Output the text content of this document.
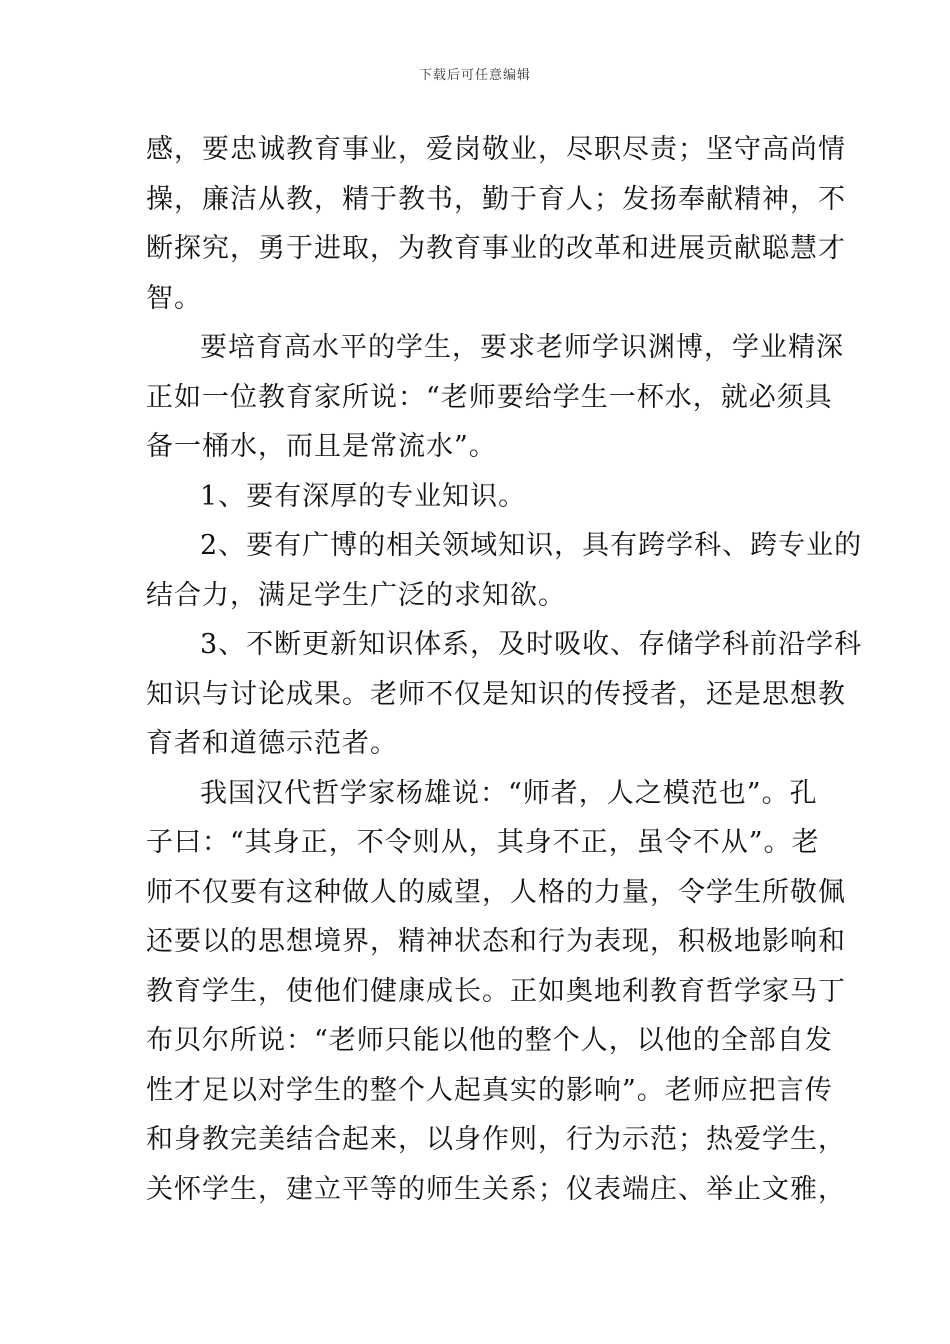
下载后可任意编辑
感，要忠诚教育事业，爱岗敬业，尽职尽责；坚守高尚情
操，廉洁从教，精于教书，勤于育人；发扬奉献精神，不
断探究，勇于进取，为教育事业的改革和进展贡献聪慧才
智。
要培育高水平的学生，要求老师学识渊博，学业精深
正如一位教育家所说：“老师要给学生一杯水，就必须具
备一桶水，而且是常流水”。
1、要有深厚的专业知识。
2、要有广博的相关领域知识，具有跨学科、跨专业的
结合力，满足学生广泛的求知欲。
3、不断更新知识体系，及时吸收、存储学科前沿学科
知识与讨论成果。老师不仅是知识的传授者，还是思想教
育者和道德示范者。
我国汉代哲学家杨雄说：“师者，人之模范也”。孔
子曰：“其身正，不令则从，其身不正，虽令不从”。老
师不仅要有这种做人的威望，人格的力量，令学生所敬佩
还要以的思想境界，精神状态和行为表现，积极地影响和
教育学生，使他们健康成长。正如奥地利教育哲学家马丁
布贝尔所说：“老师只能以他的整个人，以他的全部自发
性才足以对学生的整个人起真实的影响”。老师应把言传
和身教完美结合起来，以身作则，行为示范；热爱学生，
关怀学生，建立平等的师生关系；仪表端庄、举止文雅，
